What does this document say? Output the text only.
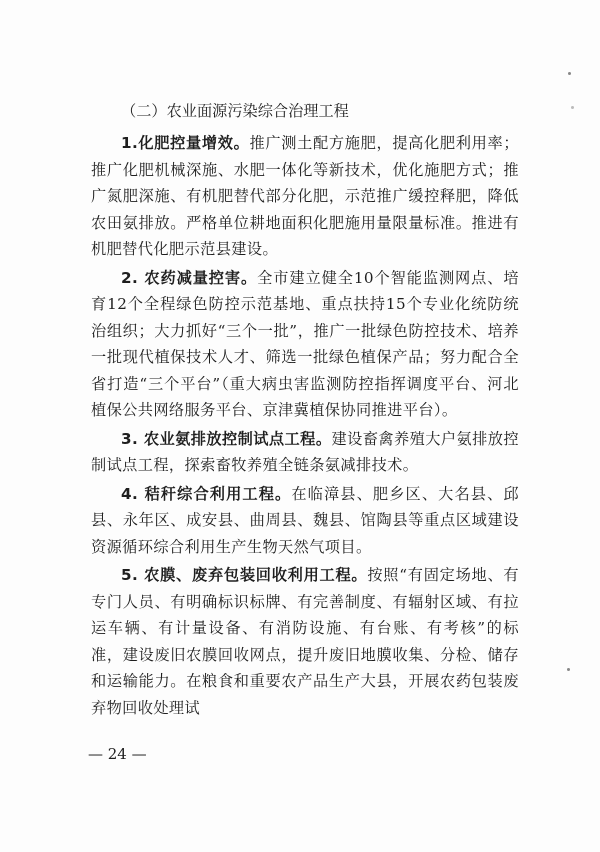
（二）农业面源污染综合治理工程

1.化肥控量增效。推广测土配方施肥，提高化肥利用率；推广化肥机械深施、水肥一体化等新技术，优化施肥方式；推广氮肥深施、有机肥替代部分化肥，示范推广缓控释肥，降低农田氨排放。严格单位耕地面积化肥施用量限量标准。推进有机肥替代化肥示范县建设。

2. 农药减量控害。全市建立健全10个智能监测网点、培育12个全程绿色防控示范基地、重点扶持15个专业化统防统治组织；大力抓好“三个一批”，推广一批绿色防控技术、培养一批现代植保技术人才、筛选一批绿色植保产品；努力配合全省打造“三个平台”（重大病虫害监测防控指挥调度平台、河北植保公共网络服务平台、京津冀植保协同推进平台）。

3. 农业氨排放控制试点工程。建设畜禽养殖大户氨排放控制试点工程，探索畜牧养殖全链条氨减排技术。

4. 秸秆综合利用工程。在临漳县、肥乡区、大名县、邱县、永年区、成安县、曲周县、魏县、馆陶县等重点区域建设资源循环综合利用生产生物天然气项目。

5. 农膜、废弃包装回收利用工程。按照“有固定场地、有专门人员、有明确标识标牌、有完善制度、有辐射区域、有拉运车辆、有计量设备、有消防设施、有台账、有考核”的标准，建设废旧农膜回收网点，提升废旧地膜收集、分检、储存和运输能力。在粮食和重要农产品生产大县，开展农药包装废弃物回收处理试

— 24 —
